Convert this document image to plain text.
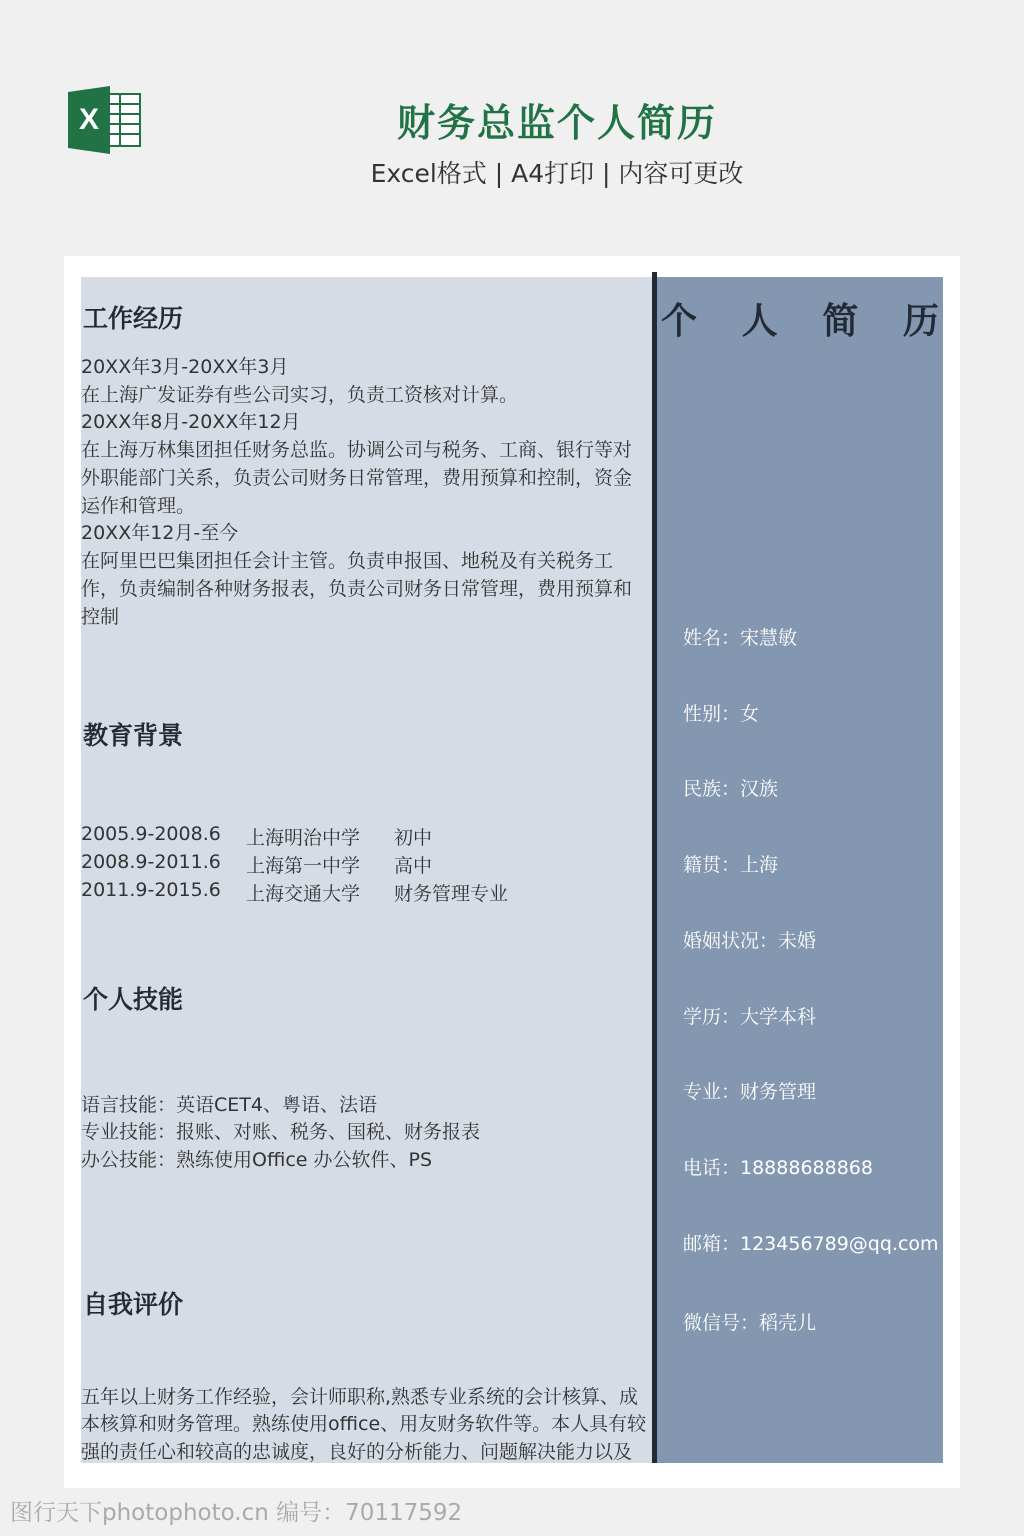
X	财务总监个人简历
Excel格式 | A4打印 | 内容可更改
工作经历
20XX年3月-20XX年3月
在上海广发证券有些公司实习，负责工资核对计算。
20XX年8月-20XX年12月
在上海万林集团担任财务总监。协调公司与税务、工商、银行等对
外职能部门关系，负责公司财务日常管理，费用预算和控制，资金
运作和管理。
20XX年12月-至今
在阿里巴巴集团担任会计主管。负责申报国、地税及有关税务工
作，负责编制各种财务报表，负责公司财务日常管理，费用预算和
控制
教育背景
2005.9-2008.6 上海明治中学 初中
2008.9-2011.6 上海第一中学 高中
2011.9-2015.6 上海交通大学 财务管理专业
个人技能
语言技能：英语CET4、粤语、法语
专业技能：报账、对账、税务、国税、财务报表
办公技能：熟练使用Office 办公软件、PS
自我评价
五年以上财务工作经验，会计师职称,熟悉专业系统的会计核算、成
本核算和财务管理。熟练使用office、用友财务软件等。本人具有较
强的责任心和较高的忠诚度，良好的分析能力、问题解决能力以及
个 人 简 历
姓名：宋慧敏
性别：女
民族：汉族
籍贯：上海
婚姻状况：未婚
学历：大学本科
专业：财务管理
电话：18888688868
邮箱：123456789@qq.com
微信号：稻壳儿
图行天下photophoto.cn 编号：70117592
